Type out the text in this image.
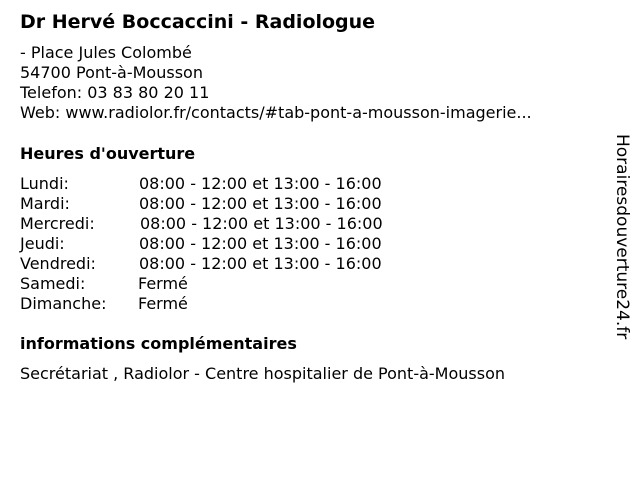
Dr Hervé Boccaccini - Radiologue
- Place Jules Colombé
54700 Pont-à-Mousson
Telefon: 03 83 80 20 11
Web: www.radiolor.fr/contacts/#tab-pont-a-mousson-imagerie...
Heures d'ouverture
Lundi:	08:00 - 12:00 et 13:00 - 16:00
Mardi:	08:00 - 12:00 et 13:00 - 16:00
Mercredi:	08:00 - 12:00 et 13:00 - 16:00
Jeudi:	08:00 - 12:00 et 13:00 - 16:00
Vendredi:	08:00 - 12:00 et 13:00 - 16:00
Samedi:	Fermé
Dimanche: Fermé
informations complémentaires
Secrétariat , Radiolor - Centre hospitalier de Pont-à-Mousson
Horairesdouverture24.fr
